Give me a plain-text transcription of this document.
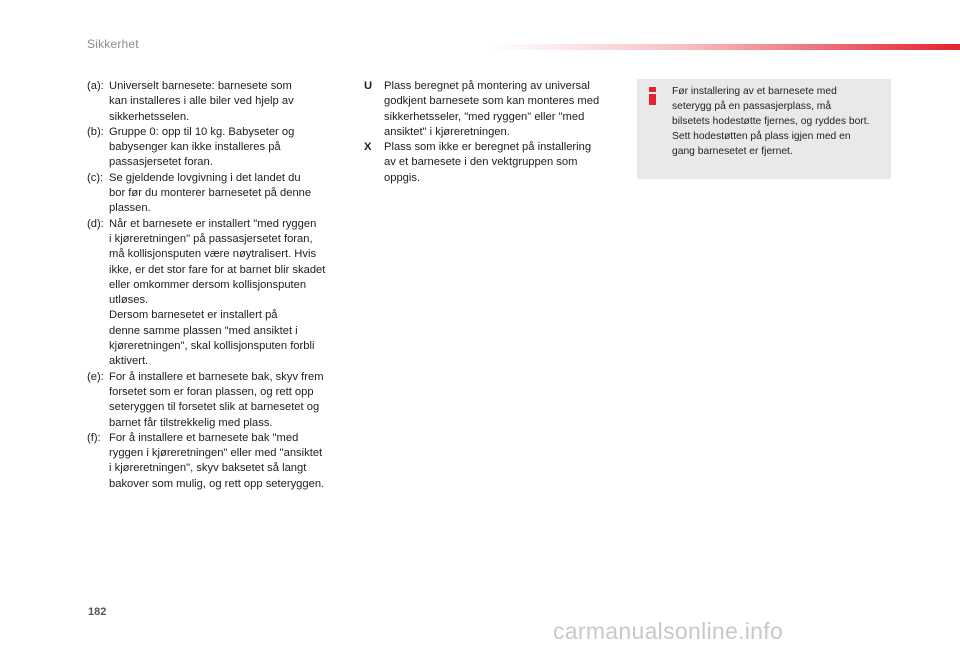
Sikkerhet
(a): Universelt barnesete: barnesete som
kan installeres i alle biler ved hjelp av
sikkerhetsselen.
(b): Gruppe 0: opp til 10 kg. Babyseter og
babysenger kan ikke installeres på
passasjersetet foran.
(c): Se gjeldende lovgivning i det landet du
bor før du monterer barnesetet på denne
plassen.
(d): Når et barnesete er installert "med ryggen
i kjøreretningen" på passasjersetet foran,
må kollisjonsputen være nøytralisert. Hvis
ikke, er det stor fare for at barnet blir skadet
eller omkommer dersom kollisjonsputen
utløses.
Dersom barnesetet er installert på
denne samme plassen "med ansiktet i
kjøreretningen", skal kollisjonsputen forbli
aktivert.
(e): For å installere et barnesete bak, skyv frem
forsetet som er foran plassen, og rett opp
seteryggen til forsetet slik at barnesetet og
barnet får tilstrekkelig med plass.
(f): For å installere et barnesete bak "med
ryggen i kjøreretningen" eller med "ansiktet
i kjøreretningen", skyv baksetet så langt
bakover som mulig, og rett opp seteryggen.
U	Plass beregnet på montering av universal
godkjent barnesete som kan monteres med
sikkerhetsseler, "med ryggen" eller "med
ansiktet" i kjøreretningen.
X	Plass som ikke er beregnet på installering
av et barnesete i den vektgruppen som
oppgis.
Før installering av et barnesete med
seterygg på en passasjerplass, må
bilsetets hodestøtte fjernes, og ryddes bort.
Sett hodestøtten på plass igjen med en
gang barnesetet er fjernet.
182
carmanualsonline.info
